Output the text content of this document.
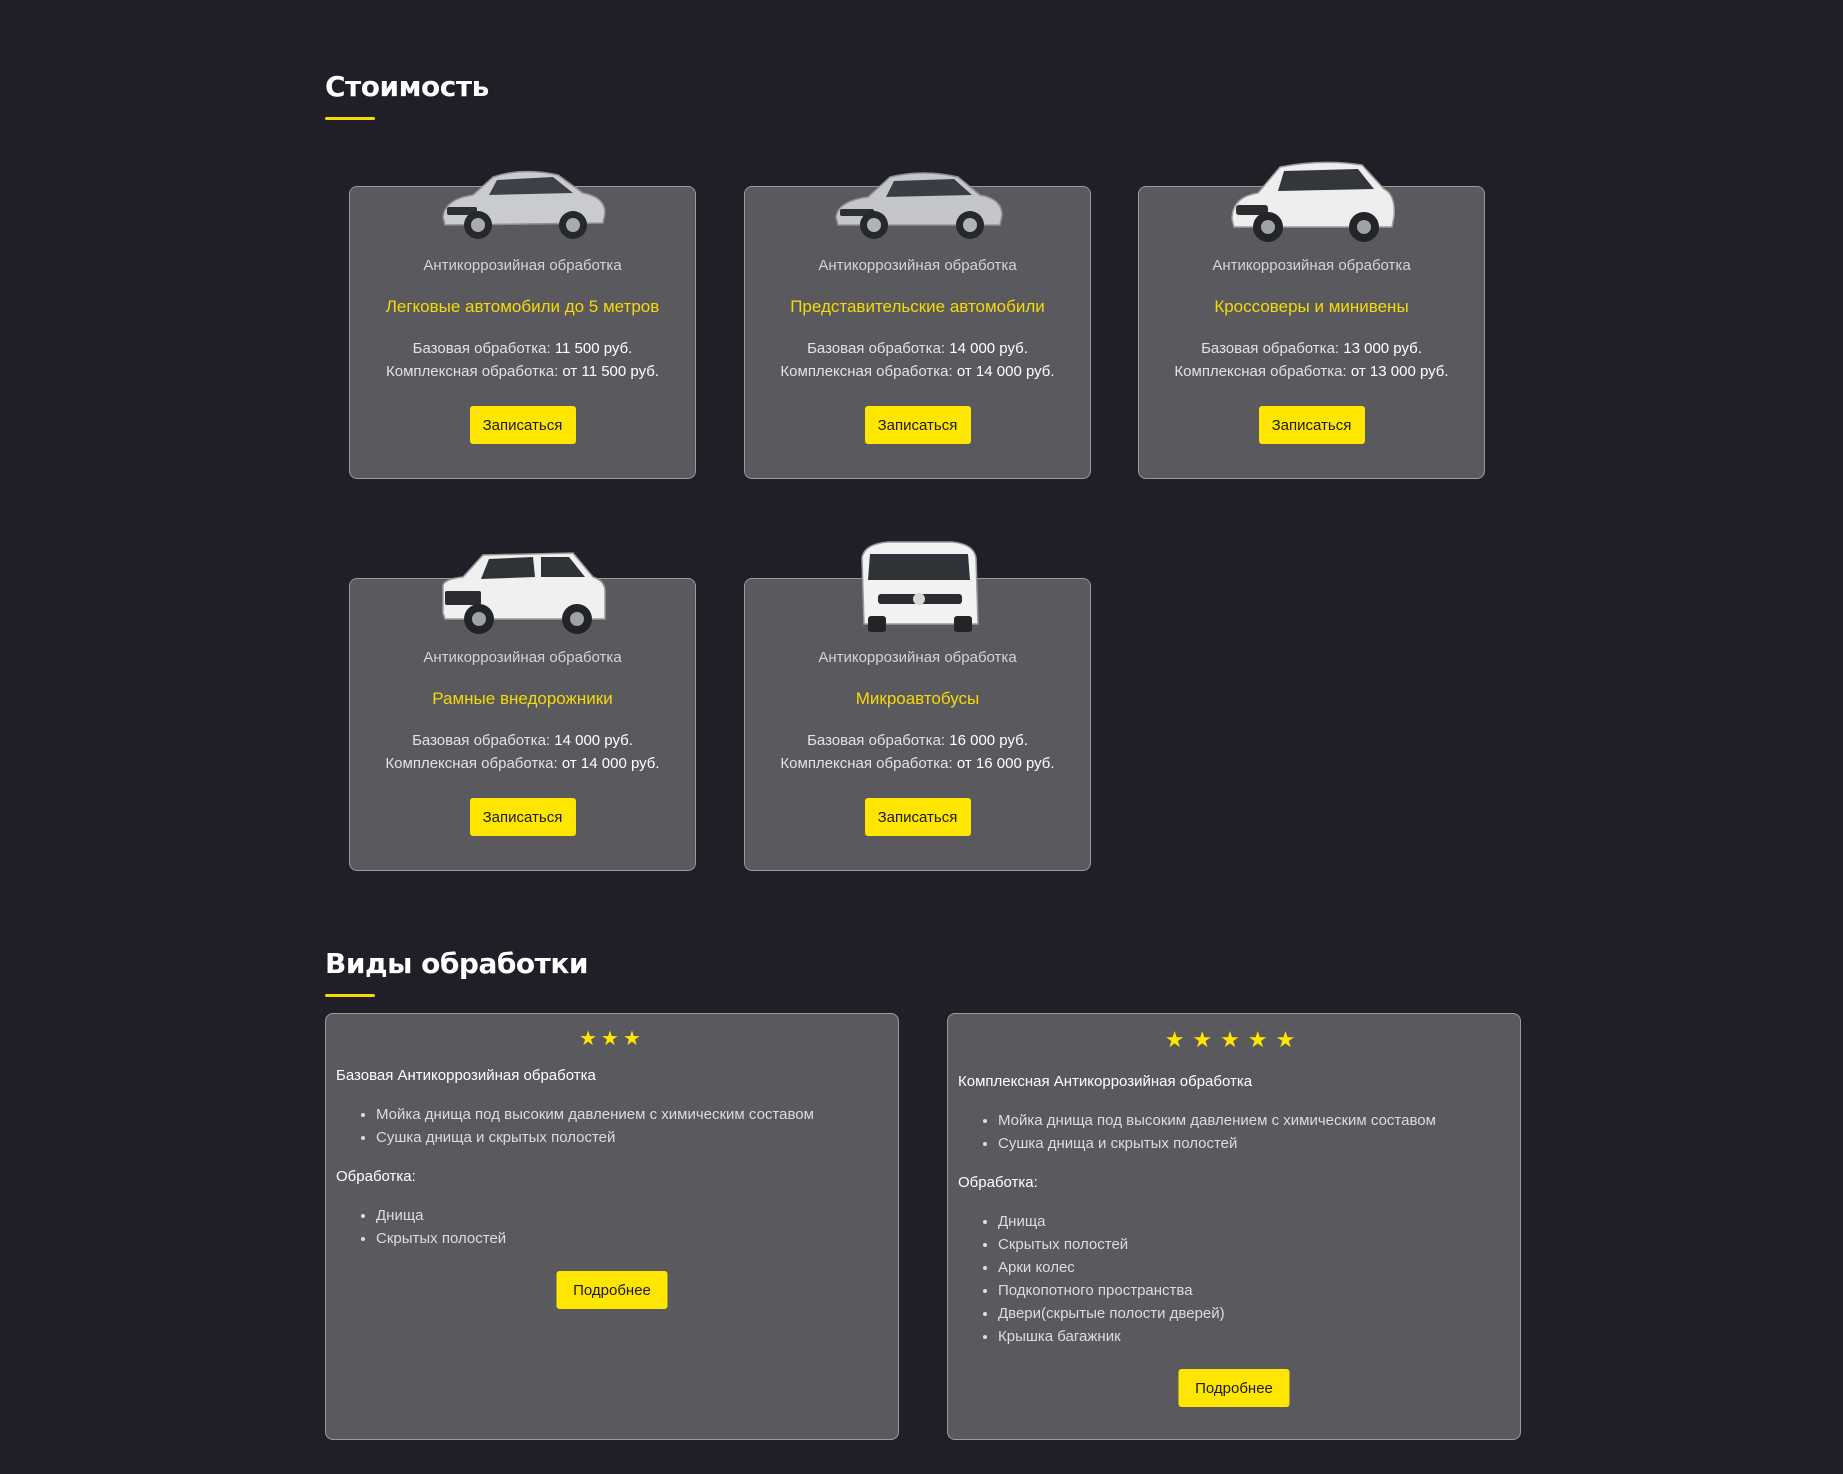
Стоимость
Антикоррозийная обработка
Легковые автомобили до 5 метров
Базовая обработка: 11 500 руб.
Комплексная обработка: от 11 500 руб.
Записаться
Антикоррозийная обработка
Представительские автомобили
Базовая обработка: 14 000 руб.
Комплексная обработка: от 14 000 руб.
Записаться
Антикоррозийная обработка
Кроссоверы и минивены
Базовая обработка: 13 000 руб.
Комплексная обработка: от 13 000 руб.
Записаться
Антикоррозийная обработка
Рамные внедорожники
Базовая обработка: 14 000 руб.
Комплексная обработка: от 14 000 руб.
Записаться
Антикоррозийная обработка
Микроавтобусы
Базовая обработка: 16 000 руб.
Комплексная обработка: от 16 000 руб.
Записаться
Виды обработки
★★★
Базовая Антикоррозийная обработка
• Мойка днища под высоким давлением с химическим составом
• Сушка днища и скрытых полостей
Обработка:
• Днища
• Скрытых полостей
Подробнее
★★★★★
Комплексная Антикоррозийная обработка
• Мойка днища под высоким давлением с химическим составом
• Сушка днища и скрытых полостей
Обработка:
• Днища
• Скрытых полостей
• Арки колес
• Подкопотного пространства
• Двери(скрытые полости дверей)
• Крышка багажник
Подробнее
